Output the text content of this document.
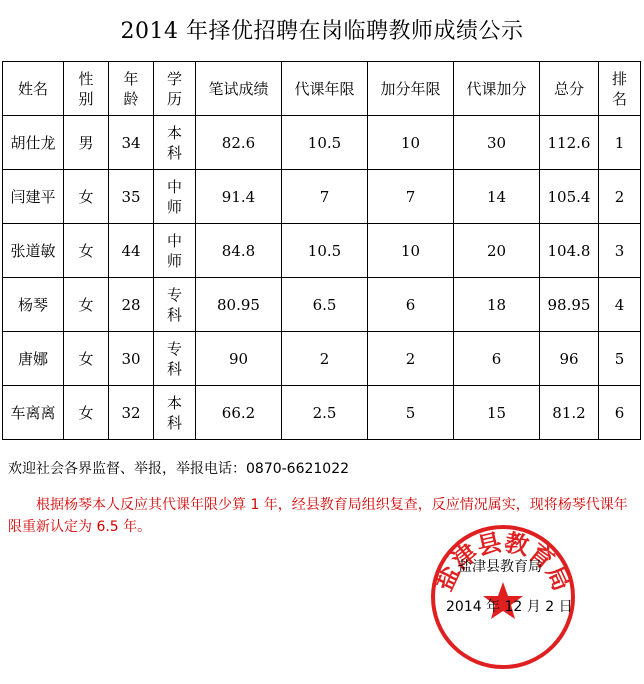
2014 年择优招聘在岗临聘教师成绩公示
姓名	性别	年龄	学历	笔试成绩	代课年限	加分年限	代课加分	总分	排名
胡仕龙	男	34	本科	82.6	10.5	10	30	112.6	1
闫建平	女	35	中师	91.4	7	7	14	105.4	2
张道敏	女	44	中师	84.8	10.5	10	20	104.8	3
杨琴	女	28	专科	80.95	6.5	6	18	98.95	4
唐娜	女	30	专科	90	2	2	6	96	5
车离离	女	32	本科	66.2	2.5	5	15	81.2	6
欢迎社会各界监督、举报，举报电话：0870-6621022
根据杨琴本人反应其代课年限少算 1 年，经县教育局组织复查，反应情况属实，现将杨琴代课年限重新认定为 6.5 年。
盐津县教育局
盐津县教育局
2014 年 12 月 2 日
